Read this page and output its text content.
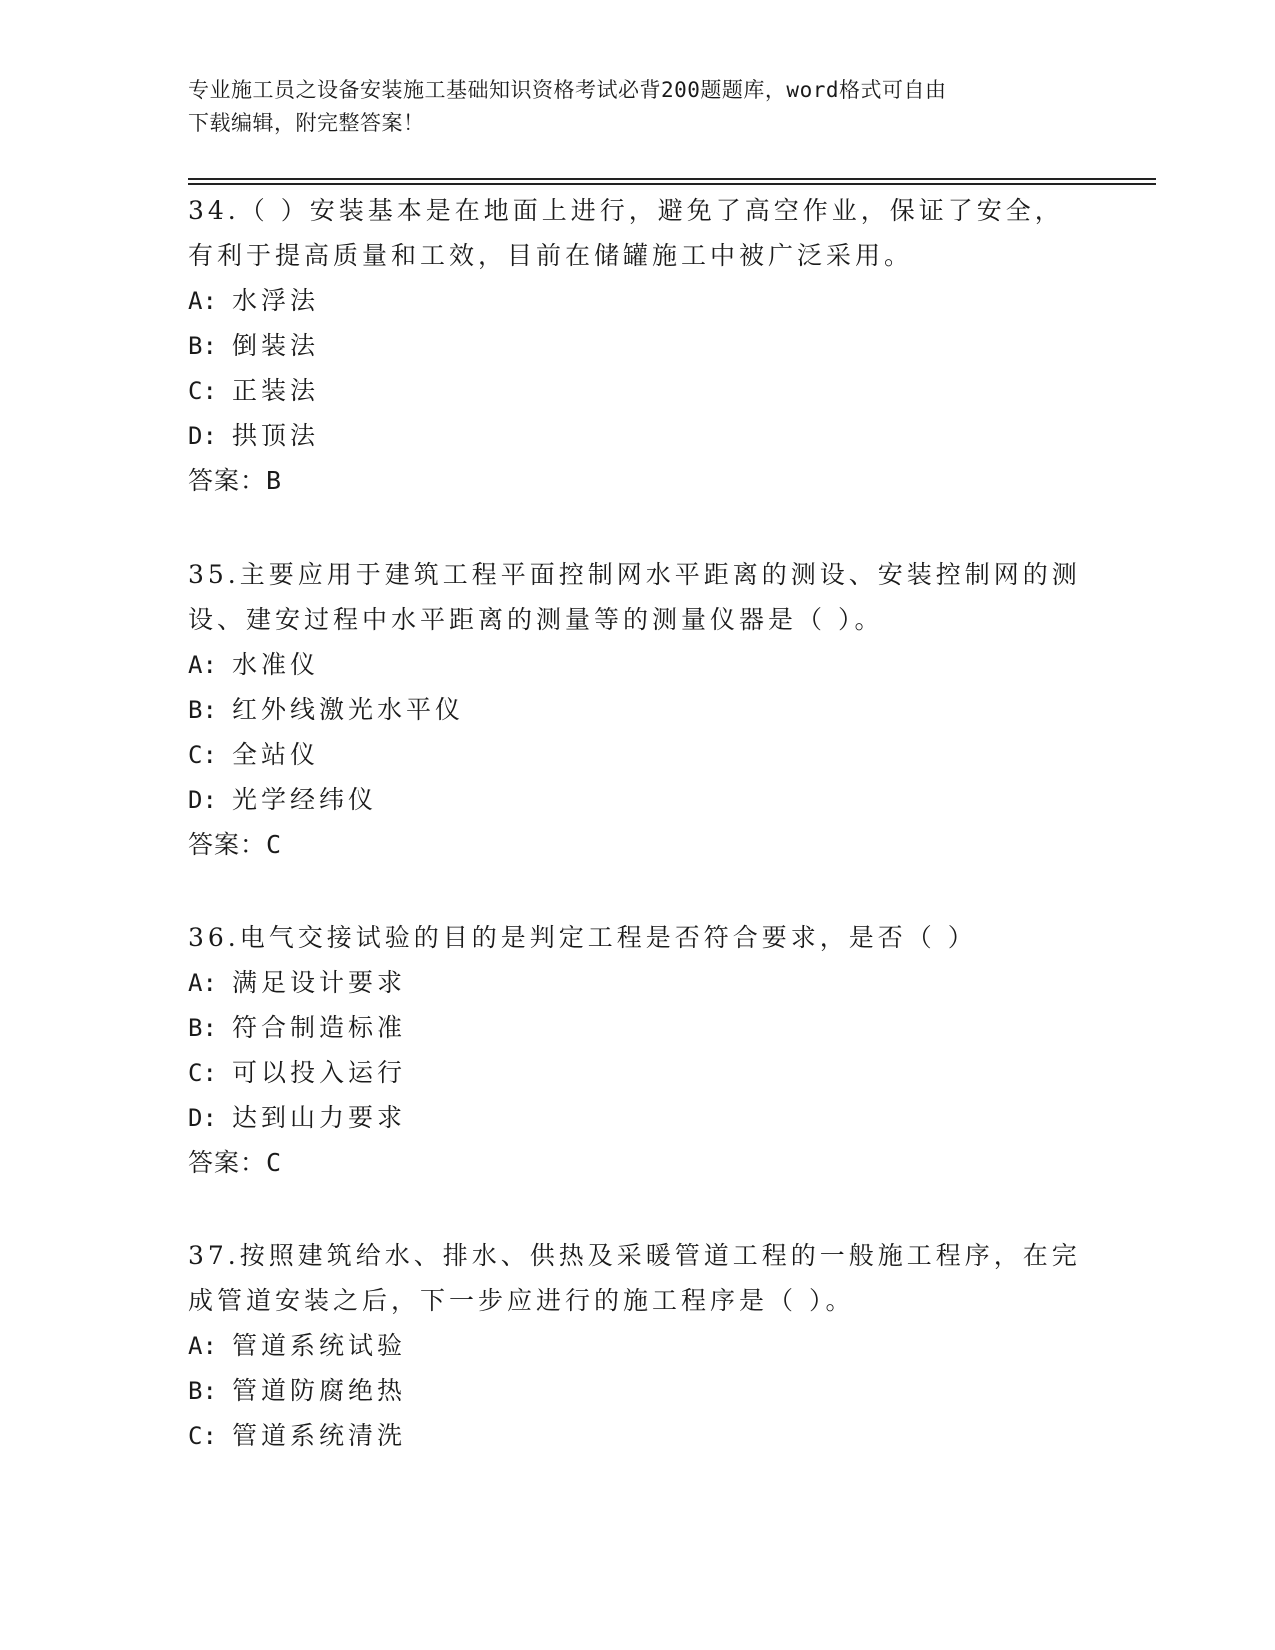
专业施工员之设备安装施工基础知识资格考试必背200题题库，word格式可自由
下载编辑，附完整答案！
34.（ ）安装基本是在地面上进行，避免了高空作业，保证了安全，
有利于提高质量和工效，目前在储罐施工中被广泛采用。
A: 水浮法
B: 倒装法
C: 正装法
D: 拱顶法
答案：B
35.主要应用于建筑工程平面控制网水平距离的测设、安装控制网的测
设、建安过程中水平距离的测量等的测量仪器是（ ）。
A: 水准仪
B: 红外线激光水平仪
C: 全站仪
D: 光学经纬仪
答案：C
36.电气交接试验的目的是判定工程是否符合要求，是否（ ）
A: 满足设计要求
B: 符合制造标准
C: 可以投入运行
D: 达到山力要求
答案：C
37.按照建筑给水、排水、供热及采暖管道工程的一般施工程序，在完
成管道安装之后，下一步应进行的施工程序是（ ）。
A: 管道系统试验
B: 管道防腐绝热
C: 管道系统清洗
